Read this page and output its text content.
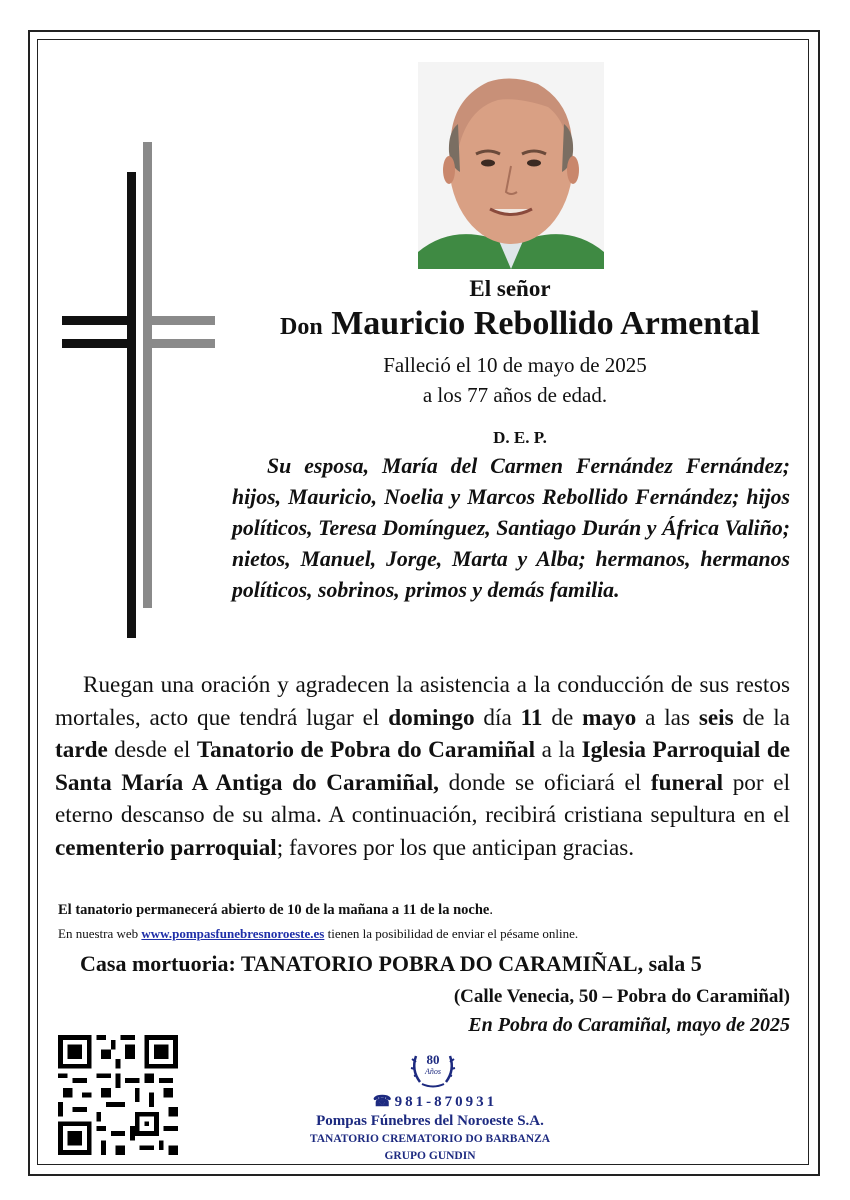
El señor
Don Mauricio Rebollido Armental
Falleció el 10 de mayo de 2025
a los 77 años de edad.
D. E. P.
Su esposa, María del Carmen Fernández Fernández; hijos, Mauricio, Noelia y Marcos Rebollido Fernández; hijos políticos, Teresa Domínguez, Santiago Durán y África Valiño; nietos, Manuel, Jorge, Marta y Alba; hermanos, hermanos políticos, sobrinos, primos y demás familia.
Ruegan una oración y agradecen la asistencia a la conducción de sus restos mortales, acto que tendrá lugar el domingo día 11 de mayo a las seis de la tarde desde el Tanatorio de Pobra do Caramiñal a la Iglesia Parroquial de Santa María A Antiga do Caramiñal, donde se oficiará el funeral por el eterno descanso de su alma. A continuación, recibirá cristiana sepultura en el cementerio parroquial; favores por los que anticipan gracias.
El tanatorio permanecerá abierto de 10 de la mañana a 11 de la noche.
En nuestra web www.pompasfunebresnoroeste.es tienen la posibilidad de enviar el pésame online.
Casa mortuoria: TANATORIO POBRA DO CARAMIÑAL, sala 5
(Calle Venecia, 50 – Pobra do Caramiñal)
En Pobra do Caramiñal, mayo de 2025
80
Años
☎981-870931
Pompas Fúnebres del Noroeste S.A.
TANATORIO CREMATORIO DO BARBANZA
GRUPO GUNDIN
